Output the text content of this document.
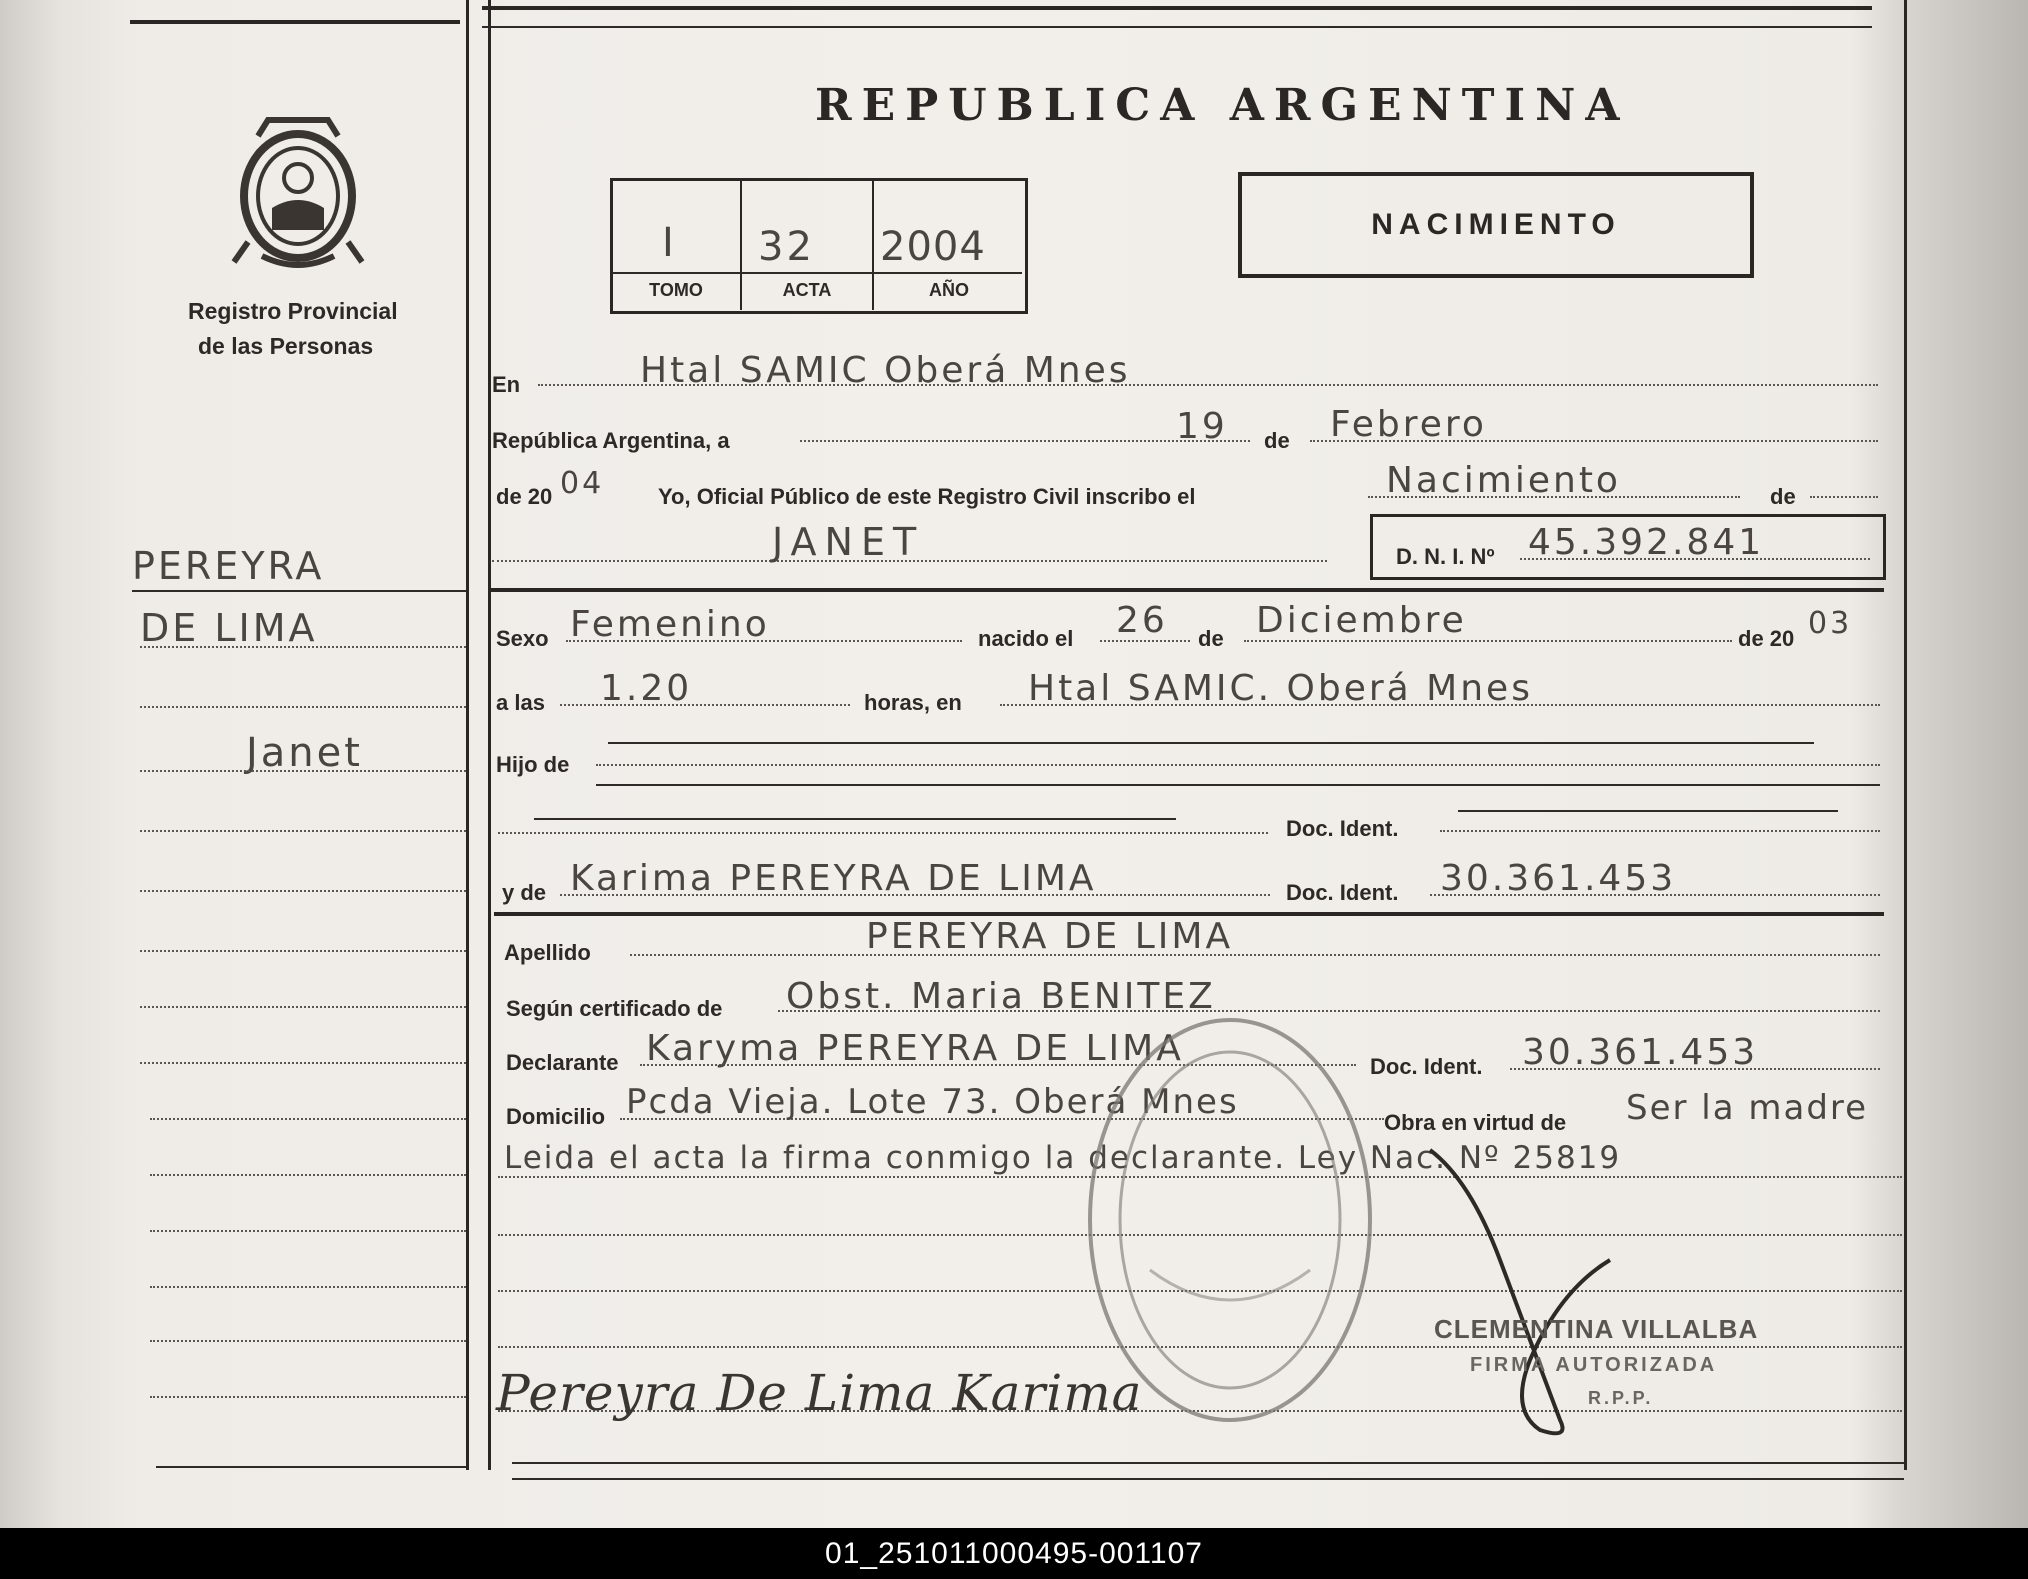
Registro Provincial
de las Personas
PEREYRA
DE LIMA
Janet
REPUBLICA ARGENTINA
I 32 2004
TOMO	ACTA	AÑO
NACIMIENTO
En	Htal SAMIC Oberá Mnes
República Argentina, a	19 de Febrero
de 20 04 Yo, Oficial Público de este Registro Civil inscribo el	Nacimiento	de
JANET	D. N. I. Nº 45.392.841
Sexo Femenino	nacido el 26 de Diciembre	de 20 03
a las 1.20	horas, en Htal SAMIC. Oberá Mnes
Hijo de
Doc. Ident.
y de Karima PEREYRA DE LIMA	Doc. Ident. 30.361.453
Apellido	PEREYRA DE LIMA
Según certificado de Obst. Maria BENITEZ
Declarante Karyma PEREYRA DE LIMA	Doc. Ident. 30.361.453
Domicilio Pcda Vieja. Lote 73. Oberá Mnes
Obra en virtud de Ser la madre
Leida el acta la firma conmigo la declarante. Ley Nac. Nº 25819
CLEMENTINA VILLALBA
FIRMA AUTORIZADA
R.P.P.
Pereyra De Lima Karima
01_251011000495-001107
